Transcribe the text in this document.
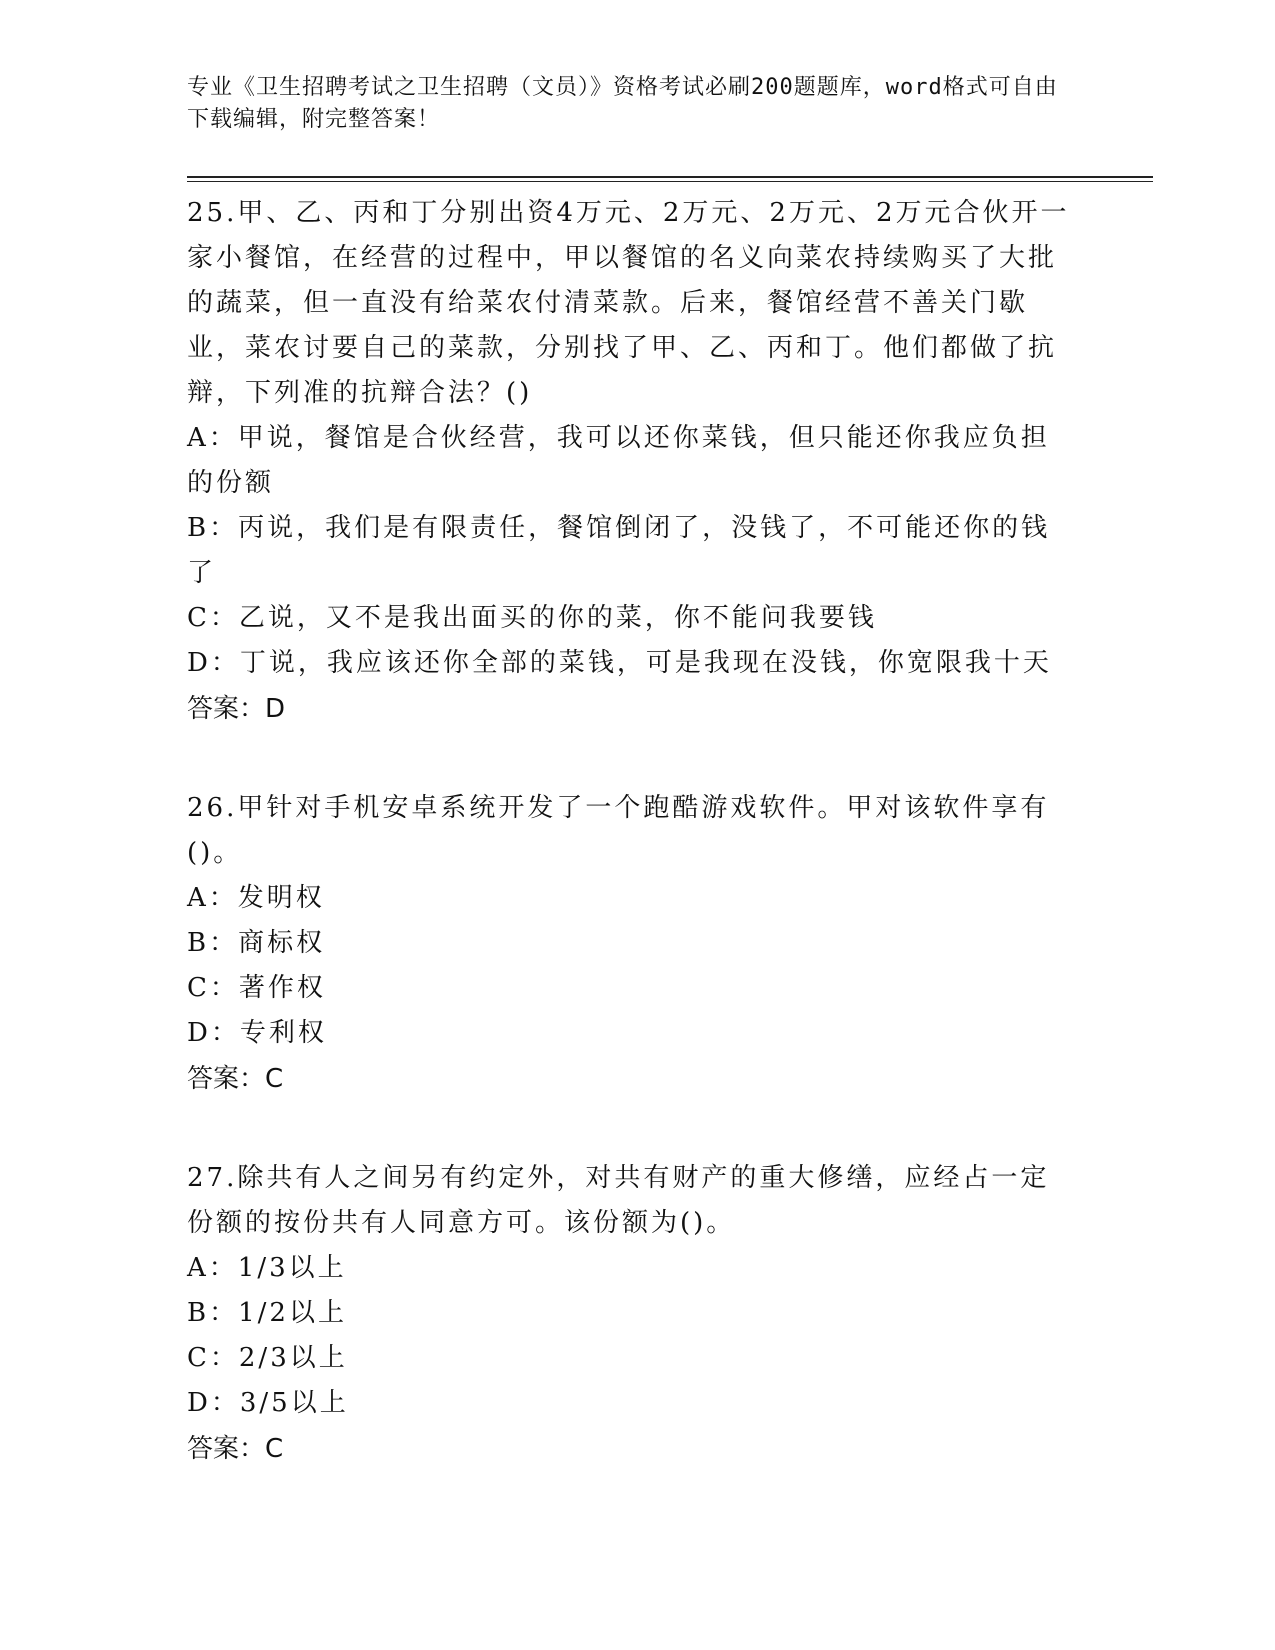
专业《卫生招聘考试之卫生招聘（文员）》资格考试必刷200题题库，word格式可自由下载编辑，附完整答案！

25.甲、乙、丙和丁分别出资4万元、2万元、2万元、2万元合伙开一家小餐馆，在经营的过程中，甲以餐馆的名义向菜农持续购买了大批的蔬菜，但一直没有给菜农付清菜款。后来，餐馆经营不善关门歇业，菜农讨要自己的菜款，分别找了甲、乙、丙和丁。他们都做了抗辩，下列准的抗辩合法？()

A：甲说，餐馆是合伙经营，我可以还你菜钱，但只能还你我应负担的份额

B：丙说，我们是有限责任，餐馆倒闭了，没钱了，不可能还你的钱了

C：乙说，又不是我出面买的你的菜，你不能问我要钱

D：丁说，我应该还你全部的菜钱，可是我现在没钱，你宽限我十天

答案：D

26.甲针对手机安卓系统开发了一个跑酷游戏软件。甲对该软件享有()。

A：发明权

B：商标权

C：著作权

D：专利权

答案：C

27.除共有人之间另有约定外，对共有财产的重大修缮，应经占一定份额的按份共有人同意方可。该份额为()。

A：1/3以上

B：1/2以上

C：2/3以上

D：3/5以上

答案：C
